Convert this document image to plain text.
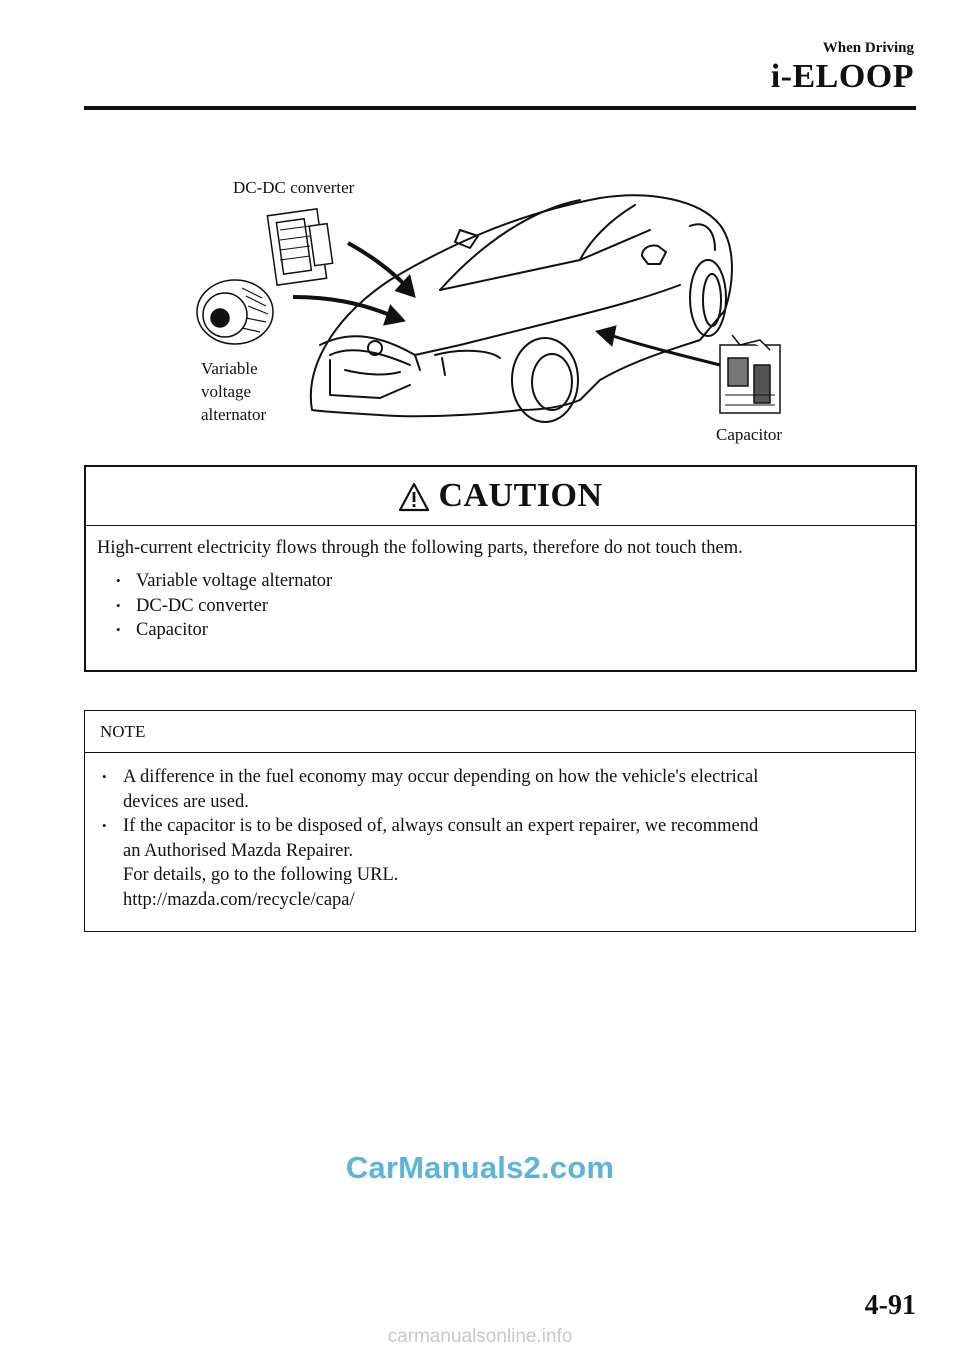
When Driving
i-ELOOP
DC-DC converter
Variable
voltage
alternator
Capacitor
CAUTION

High-current electricity flows through the following parts, therefore do not touch them.

• Variable voltage alternator
• DC-DC converter
• Capacitor
NOTE
• A difference in the fuel economy may occur depending on how the vehicle's electrical
devices are used.
• If the capacitor is to be disposed of, always consult an expert repairer, we recommend
an Authorised Mazda Repairer.
For details, go to the following URL.
http://mazda.com/recycle/capa/
CarManuals2.com
4-91
carmanualsonline.info
